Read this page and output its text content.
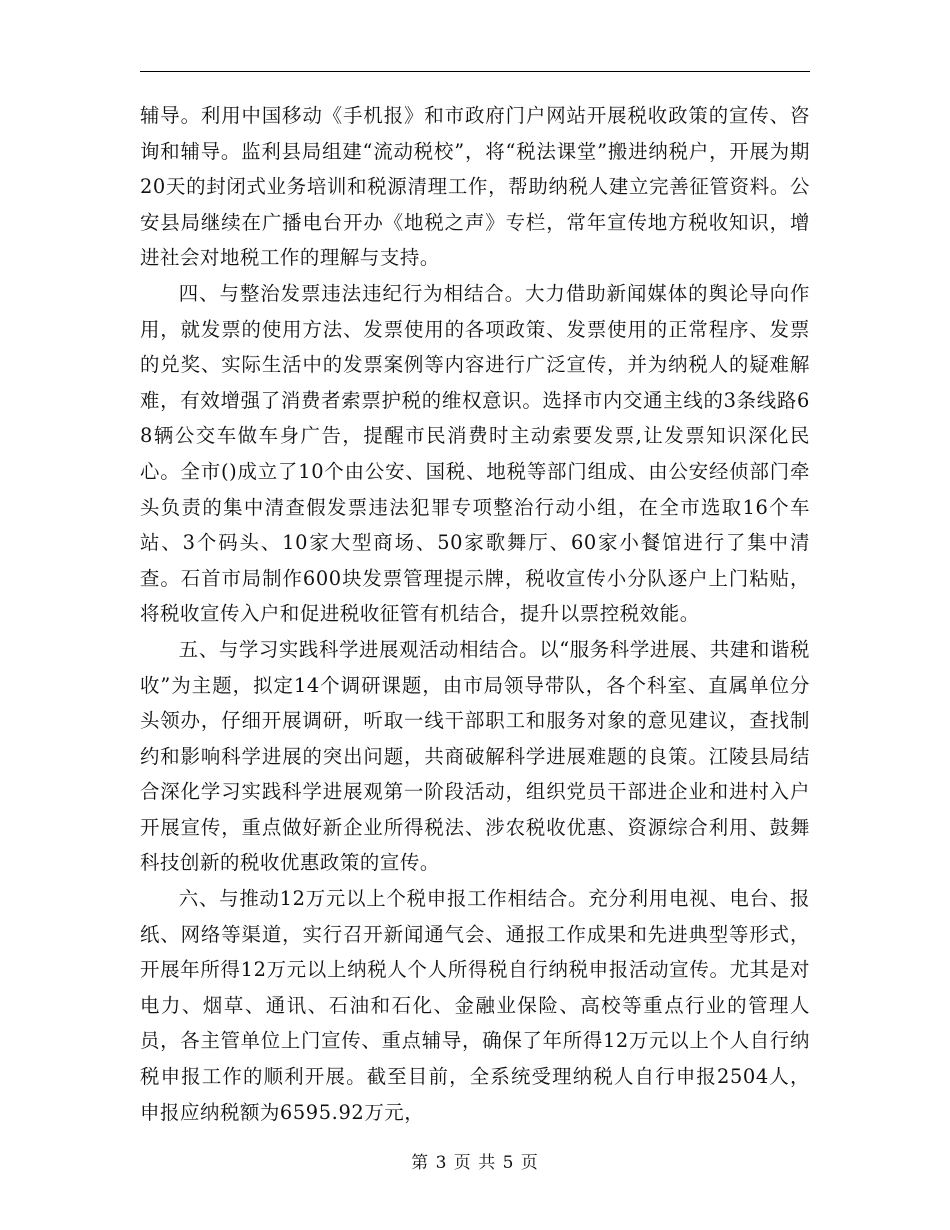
辅导。利用中国移动《手机报》和市政府门户网站开展税收政策的宣传、咨询和辅导。监利县局组建“流动税校”，将“税法课堂”搬进纳税户，开展为期20天的封闭式业务培训和税源清理工作，帮助纳税人建立完善征管资料。公安县局继续在广播电台开办《地税之声》专栏，常年宣传地方税收知识，增进社会对地税工作的理解与支持。

四、与整治发票违法违纪行为相结合。大力借助新闻媒体的舆论导向作用，就发票的使用方法、发票使用的各项政策、发票使用的正常程序、发票的兑奖、实际生活中的发票案例等内容进行广泛宣传，并为纳税人的疑难解难，有效增强了消费者索票护税的维权意识。选择市内交通主线的3条线路68辆公交车做车身广告，提醒市民消费时主动索要发票,让发票知识深化民心。全市()成立了10个由公安、国税、地税等部门组成、由公安经侦部门牵头负责的集中清查假发票违法犯罪专项整治行动小组，在全市选取16个车站、3个码头、10家大型商场、50家歌舞厅、60家小餐馆进行了集中清查。石首市局制作600块发票管理提示牌，税收宣传小分队逐户上门粘贴，将税收宣传入户和促进税收征管有机结合，提升以票控税效能。

五、与学习实践科学进展观活动相结合。以“服务科学进展、共建和谐税收”为主题，拟定14个调研课题，由市局领导带队，各个科室、直属单位分头领办，仔细开展调研，听取一线干部职工和服务对象的意见建议，查找制约和影响科学进展的突出问题，共商破解科学进展难题的良策。江陵县局结合深化学习实践科学进展观第一阶段活动，组织党员干部进企业和进村入户开展宣传，重点做好新企业所得税法、涉农税收优惠、资源综合利用、鼓舞科技创新的税收优惠政策的宣传。

六、与推动12万元以上个税申报工作相结合。充分利用电视、电台、报纸、网络等渠道，实行召开新闻通气会、通报工作成果和先进典型等形式，开展年所得12万元以上纳税人个人所得税自行纳税申报活动宣传。尤其是对电力、烟草、通讯、石油和石化、金融业保险、高校等重点行业的管理人员，各主管单位上门宣传、重点辅导，确保了年所得12万元以上个人自行纳税申报工作的顺利开展。截至目前，全系统受理纳税人自行申报2504人，申报应纳税额为6595.92万元，

第 3 页 共 5 页
